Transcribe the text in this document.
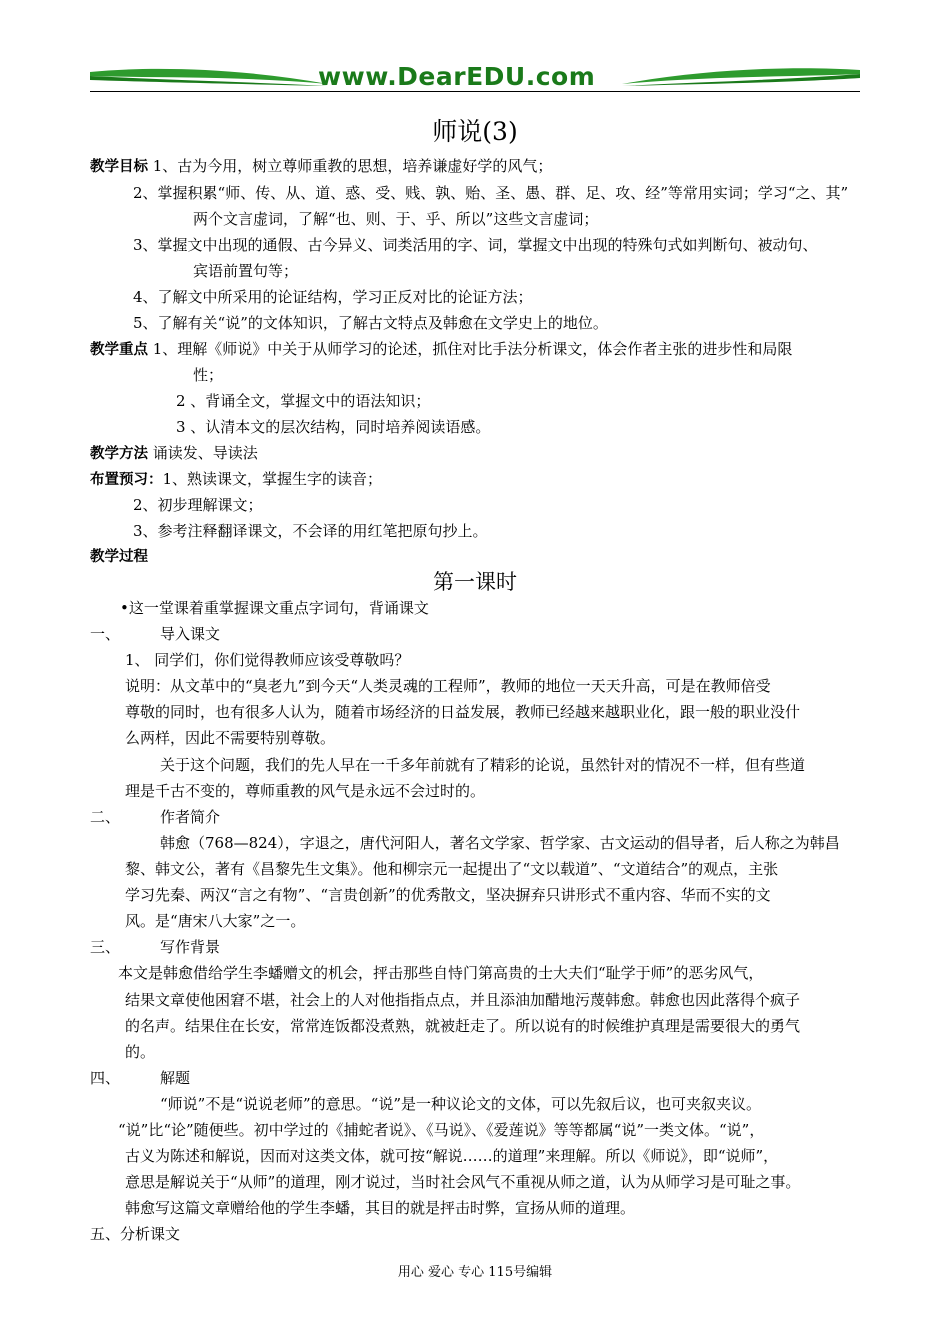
www.DearEDU.com
师说(3)
教学目标 1、古为今用，树立尊师重教的思想，培养谦虚好学的风气；
2、掌握积累“师、传、从、道、惑、受、贱、孰、贻、圣、愚、群、足、攻、经”等常用实词；学习“之、其”
两个文言虚词，了解“也、则、于、乎、所以”这些文言虚词；
3、掌握文中出现的通假、古今异义、词类活用的字、词，掌握文中出现的特殊句式如判断句、被动句、
宾语前置句等；
4、了解文中所采用的论证结构，学习正反对比的论证方法；
5、了解有关“说”的文体知识，了解古文特点及韩愈在文学史上的地位。
教学重点 1、理解《师说》中关于从师学习的论述，抓住对比手法分析课文，体会作者主张的进步性和局限
性；
2 、背诵全文，掌握文中的语法知识；
3 、认清本文的层次结构，同时培养阅读语感。
教学方法 诵读发、导读法
布置预习：1、熟读课文，掌握生字的读音；
2、初步理解课文；
3、参考注释翻译课文，不会译的用红笔把原句抄上。
教学过程
第一课时
•这一堂课着重掌握课文重点字词句，背诵课文
一、	导入课文
1、 同学们，你们觉得教师应该受尊敬吗？
说明：从文革中的“臭老九”到今天“人类灵魂的工程师”，教师的地位一天天升高，可是在教师倍受
尊敬的同时，也有很多人认为，随着市场经济的日益发展，教师已经越来越职业化，跟一般的职业没什
么两样，因此不需要特别尊敬。
关于这个问题，我们的先人早在一千多年前就有了精彩的论说，虽然针对的情况不一样，但有些道
理是千古不变的，尊师重教的风气是永远不会过时的。
二、	作者简介
韩愈（768—824），字退之，唐代河阳人，著名文学家、哲学家、古文运动的倡导者，后人称之为韩昌
黎、韩文公，著有《昌黎先生文集》。他和柳宗元一起提出了“文以载道”、“文道结合”的观点，主张
学习先秦、两汉“言之有物”、“言贵创新”的优秀散文，坚决摒弃只讲形式不重内容、华而不实的文
风。是“唐宋八大家”之一。
三、	写作背景
本文是韩愈借给学生李蟠赠文的机会，抨击那些自恃门第高贵的士大夫们“耻学于师”的恶劣风气，
结果文章使他困窘不堪，社会上的人对他指指点点，并且添油加醋地污蔑韩愈。韩愈也因此落得个疯子
的名声。结果住在长安，常常连饭都没煮熟，就被赶走了。所以说有的时候维护真理是需要很大的勇气
的。
四、	解题
“师说”不是“说说老师”的意思。“说”是一种议论文的文体，可以先叙后议，也可夹叙夹议。
“说”比“论”随便些。初中学过的《捕蛇者说》、《马说》、《爱莲说》等等都属“说”一类文体。“说”，
古义为陈述和解说，因而对这类文体，就可按“解说……的道理”来理解。所以《师说》，即“说师”，
意思是解说关于“从师”的道理，刚才说过，当时社会风气不重视从师之道，认为从师学习是可耻之事。
韩愈写这篇文章赠给他的学生李蟠，其目的就是抨击时弊，宣扬从师的道理。
五、分析课文
用心 爱心 专心 115号编辑
